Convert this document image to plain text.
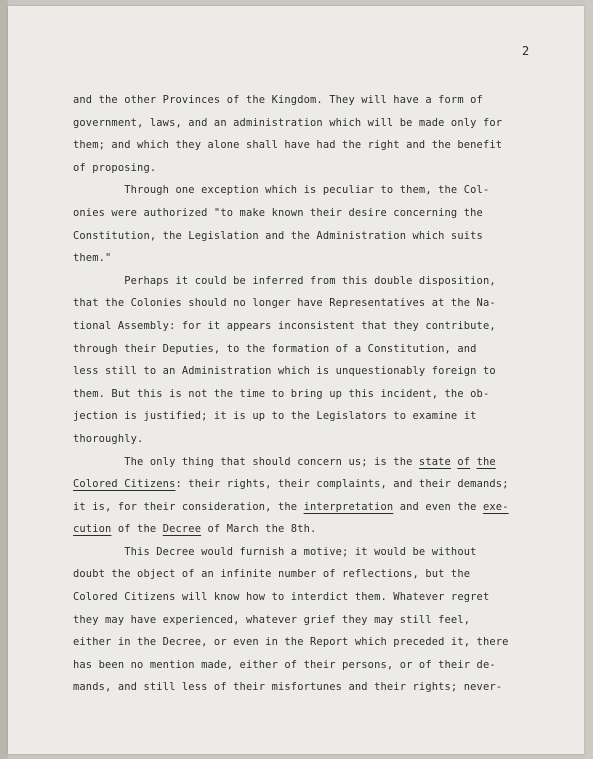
2
and the other Provinces of the Kingdom. They will have a form of
government, laws, and an administration which will be made only for
them; and which they alone shall have had the right and the benefit
of proposing.
Through one exception which is peculiar to them, the Col-
onies were authorized "to make known their desire concerning the
Constitution, the Legislation and the Administration which suits
them."
Perhaps it could be inferred from this double disposition,
that the Colonies should no longer have Representatives at the Na-
tional Assembly: for it appears inconsistent that they contribute,
through their Deputies, to the formation of a Constitution, and
less still to an Administration which is unquestionably foreign to
them. But this is not the time to bring up this incident, the ob-
jection is justified; it is up to the Legislators to examine it
thoroughly.
The only thing that should concern us; is the state of the
Colored Citizens: their rights, their complaints, and their demands;
it is, for their consideration, the interpretation and even the exe-
cution of the Decree of March the 8th.
This Decree would furnish a motive; it would be without
doubt the object of an infinite number of reflections, but the
Colored Citizens will know how to interdict them. Whatever regret
they may have experienced, whatever grief they may still feel,
either in the Decree, or even in the Report which preceded it, there
has been no mention made, either of their persons, or of their de-
mands, and still less of their misfortunes and their rights; never-
